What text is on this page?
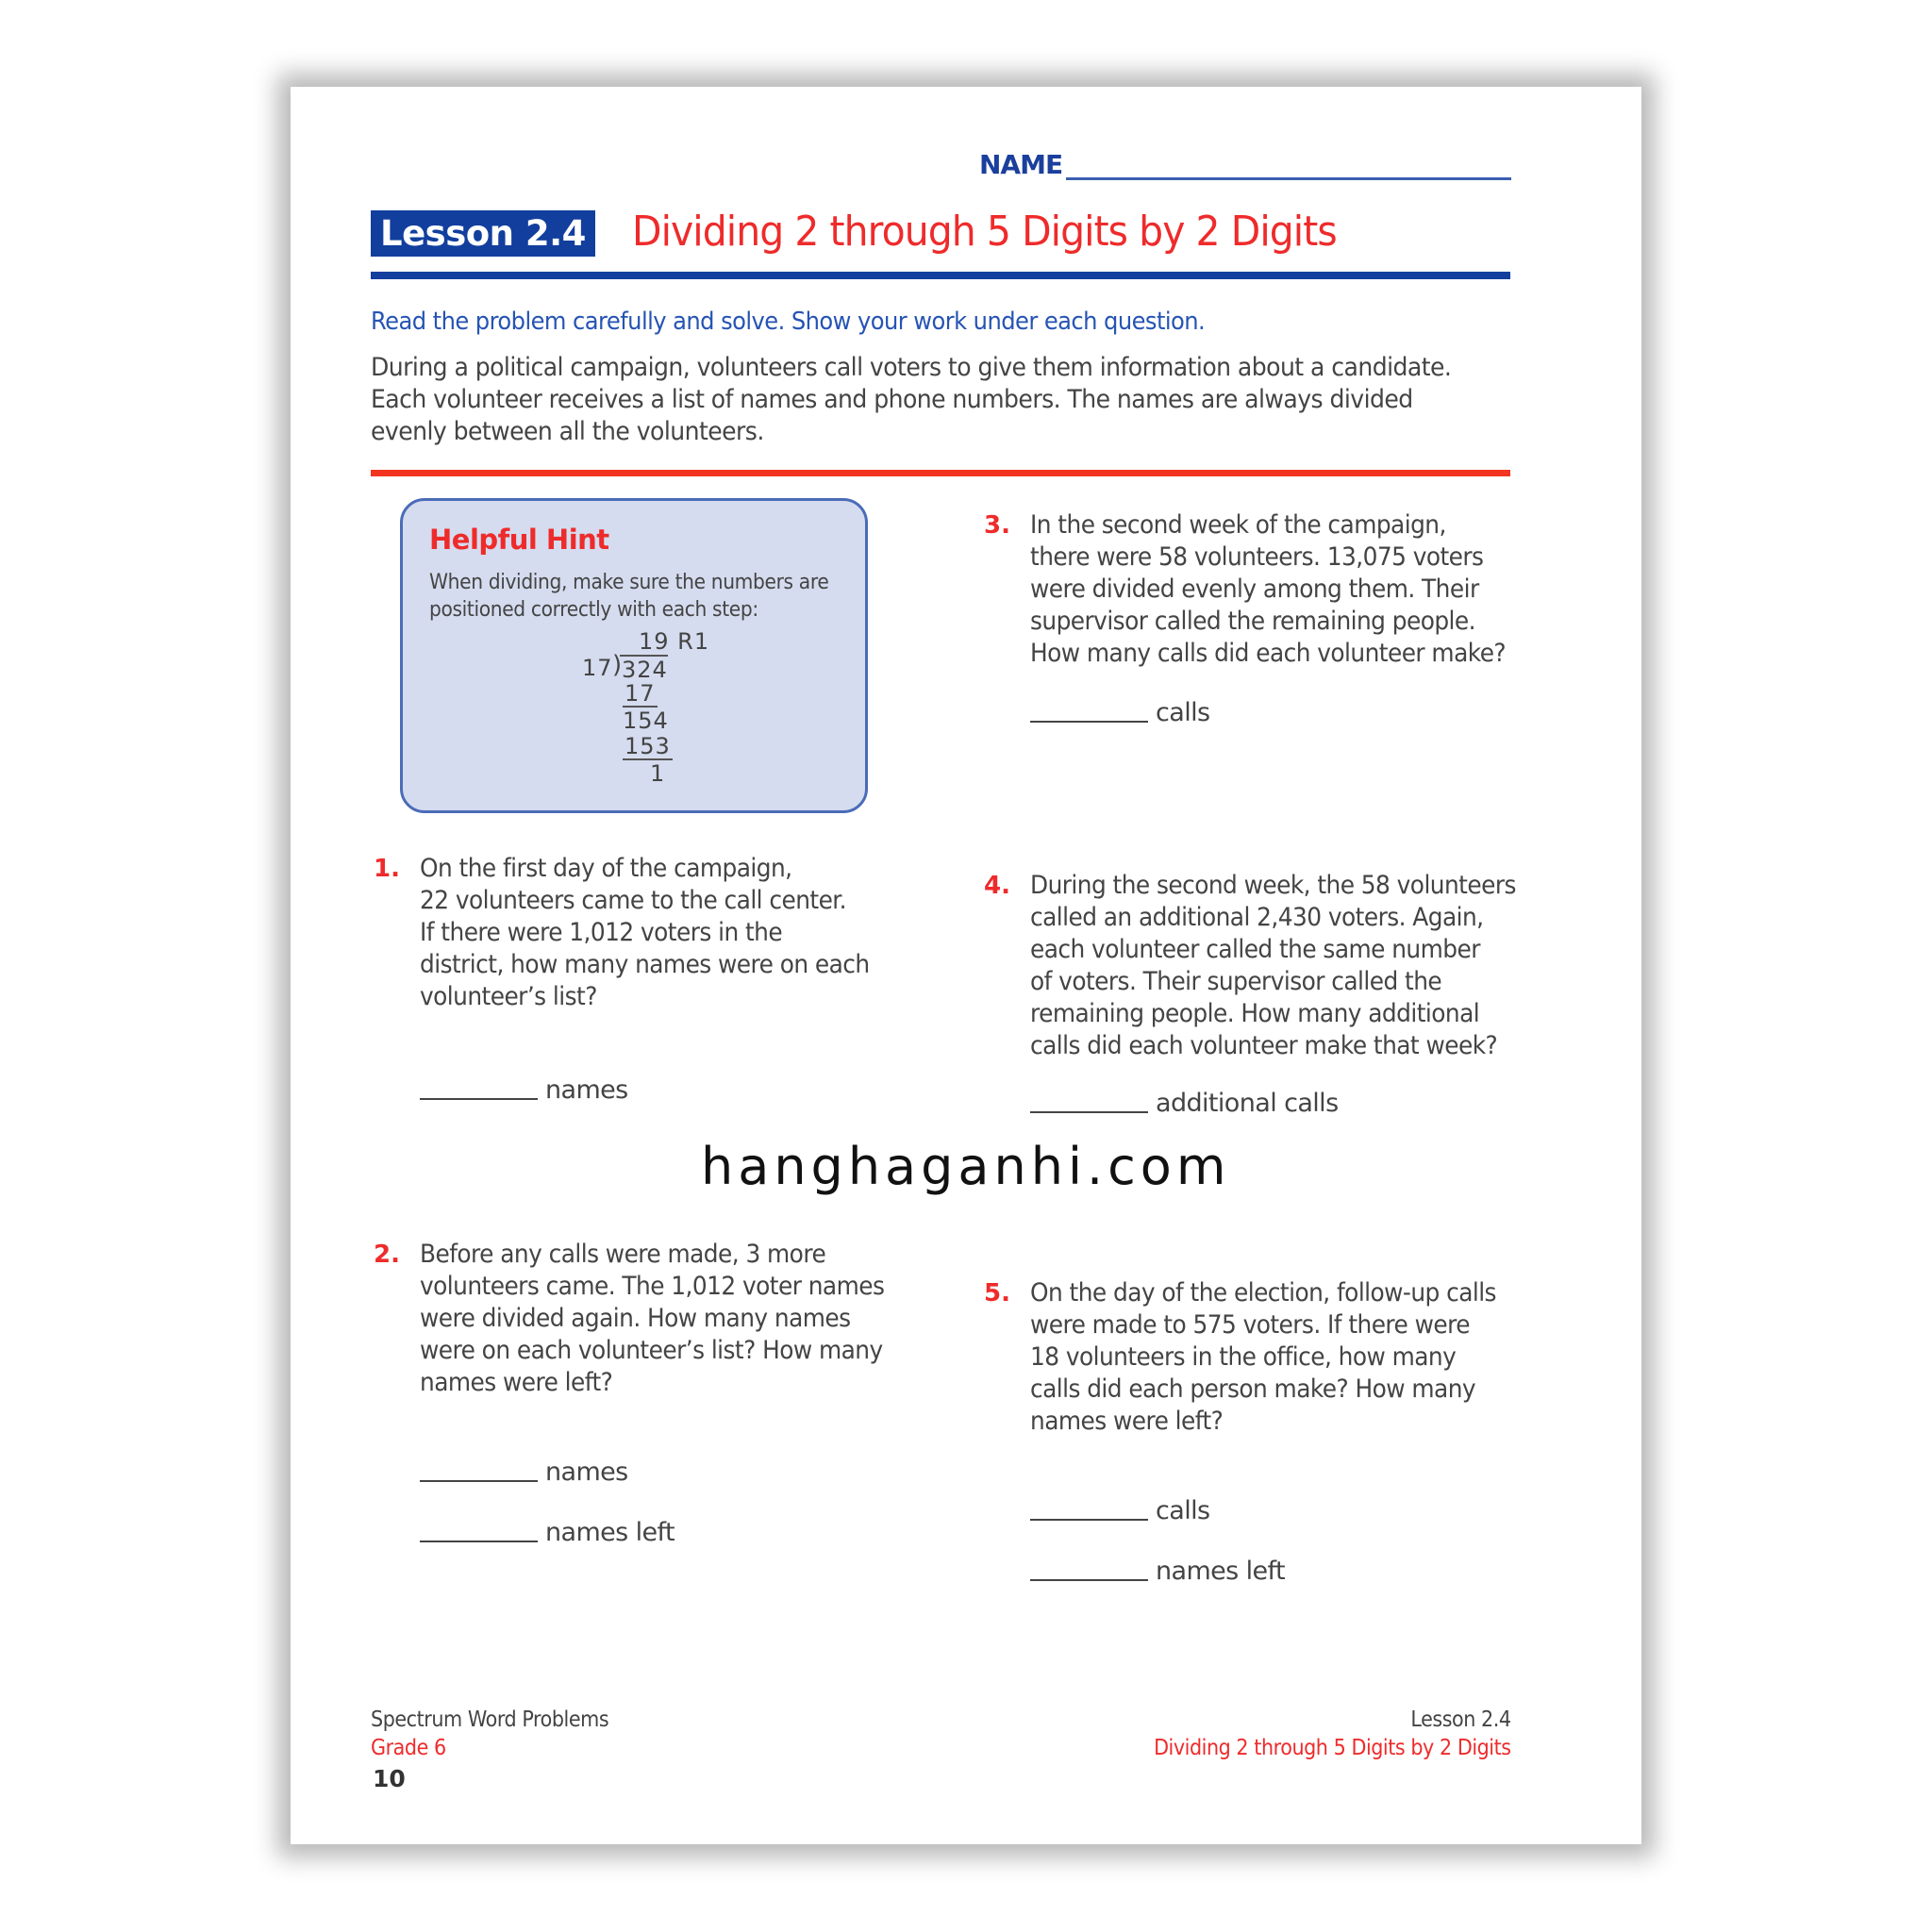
NAME
Lesson 2.4 Dividing 2 through 5 Digits by 2 Digits
Read the problem carefully and solve. Show your work under each question.
During a political campaign, volunteers call voters to give them information about a candidate.
Each volunteer receives a list of names and phone numbers. The names are always divided
evenly between all the volunteers.
Helpful Hint
When dividing, make sure the numbers are
positioned correctly with each step:
19 R1
17 )
324
17
154
153
1
1. On the first day of the campaign,
22 volunteers came to the call center.
If there were 1,012 voters in the
district, how many names were on each
volunteer’s list?
names
2. Before any calls were made, 3 more
volunteers came. The 1,012 voter names
were divided again. How many names
were on each volunteer’s list? How many
names were left?
names
names left
3. In the second week of the campaign,
there were 58 volunteers. 13,075 voters
were divided evenly among them. Their
supervisor called the remaining people.
How many calls did each volunteer make?
calls
4. During the second week, the 58 volunteers
called an additional 2,430 voters. Again,
each volunteer called the same number
of voters. Their supervisor called the
remaining people. How many additional
calls did each volunteer make that week?
additional calls
hanghaganhi.com
5. On the day of the election, follow-up calls
were made to 575 voters. If there were
18 volunteers in the office, how many
calls did each person make? How many
names were left?
calls
names left
Spectrum Word Problems
Grade 6
10
Lesson 2.4
Dividing 2 through 5 Digits by 2 Digits
